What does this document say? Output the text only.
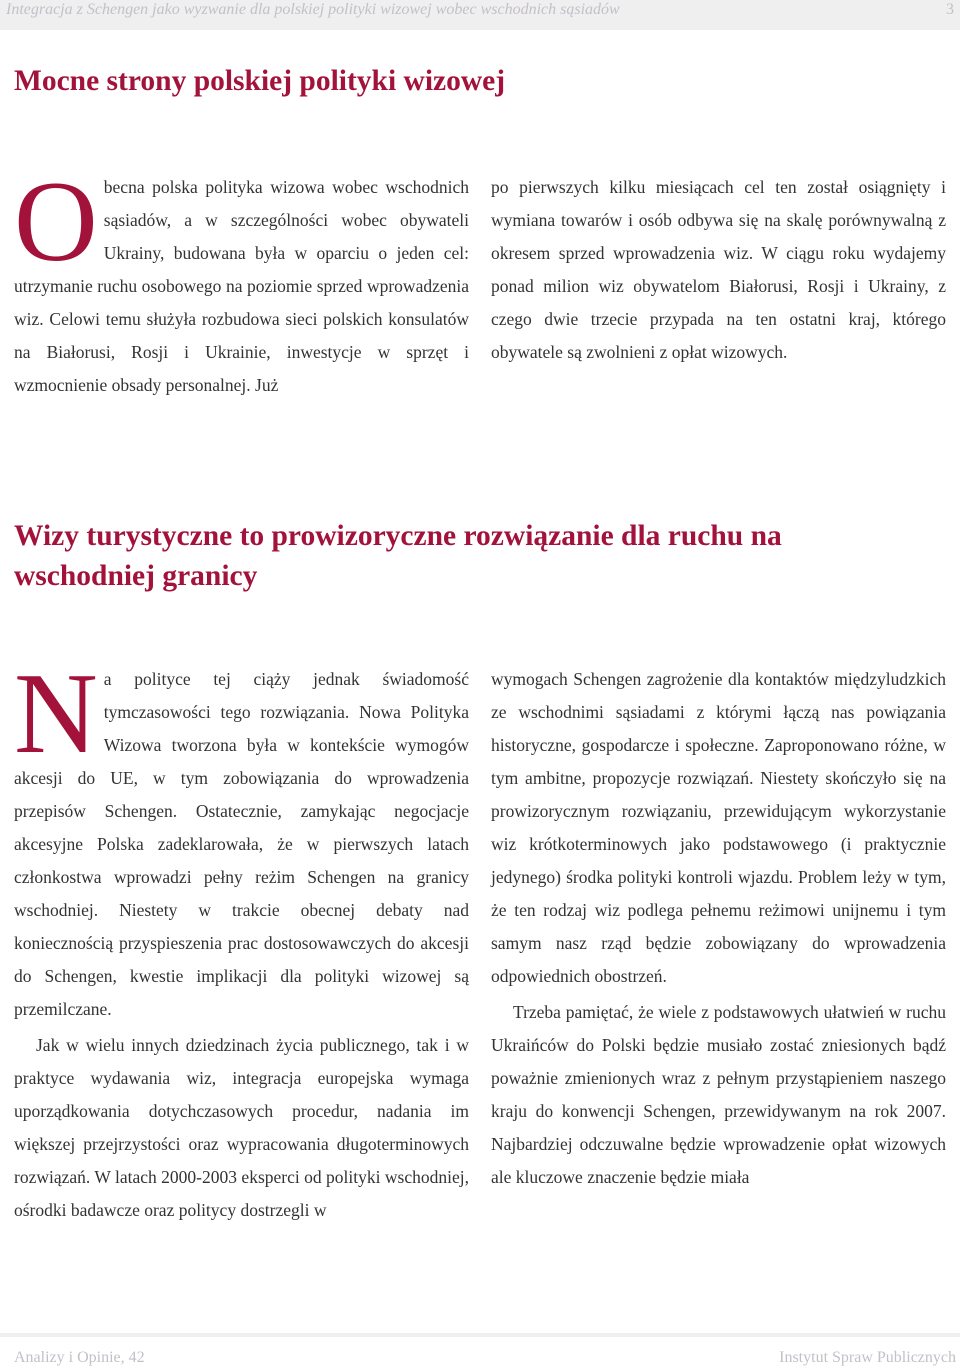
Integracja z Schengen jako wyzwanie dla polskiej polityki wizowej wobec wschodnich sąsiadów	3
Mocne strony polskiej polityki wizowej

Obecna polska polityka wizowa wobec wschodnich sąsiadów, a w szczególności wobec obywateli Ukrainy, budowana była w oparciu o jeden cel: utrzymanie ruchu osobowego na poziomie sprzed wprowadzenia wiz. Celowi temu służyła rozbudowa sieci polskich konsulatów na Białorusi, Rosji i Ukrainie, inwestycje w sprzęt i wzmocnienie obsady personalnej. Już

po pierwszych kilku miesiącach cel ten został osiągnięty i wymiana towarów i osób odbywa się na skalę porównywalną z okresem sprzed wprowadzenia wiz. W ciągu roku wydajemy ponad milion wiz obywatelom Białorusi, Rosji i Ukrainy, z czego dwie trzecie przypada na ten ostatni kraj, którego obywatele są zwolnieni z opłat wizowych.

Wizy turystyczne to prowizoryczne rozwiązanie dla ruchu na wschodniej granicy

Na polityce tej ciąży jednak świadomość tymczasowości tego rozwiązania. Nowa Polityka Wizowa tworzona była w kontekście wymogów akcesji do UE, w tym zobowiązania do wprowadzenia przepisów Schengen. Ostatecznie, zamykając negocjacje akcesyjne Polska zadeklarowała, że w pierwszych latach członkostwa wprowadzi pełny reżim Schengen na granicy wschodniej. Niestety w trakcie obecnej debaty nad koniecznością przyspieszenia prac dostosowawczych do akcesji do Schengen, kwestie implikacji dla polityki wizowej są przemilczane.

Jak w wielu innych dziedzinach życia publicznego, tak i w praktyce wydawania wiz, integracja europejska wymaga uporządkowania dotychczasowych procedur, nadania im większej przejrzystości oraz wypracowania długoterminowych rozwiązań. W latach 2000-2003 eksperci od polityki wschodniej, ośrodki badawcze oraz politycy dostrzegli w

wymogach Schengen zagrożenie dla kontaktów międzyludzkich ze wschodnimi sąsiadami z którymi łączą nas powiązania historyczne, gospodarcze i społeczne. Zaproponowano różne, w tym ambitne, propozycje rozwiązań. Niestety skończyło się na prowizorycznym rozwiązaniu, przewidującym wykorzystanie wiz krótkoterminowych jako podstawowego (i praktycznie jedynego) środka polityki kontroli wjazdu. Problem leży w tym, że ten rodzaj wiz podlega pełnemu reżimowi unijnemu i tym samym nasz rząd będzie zobowiązany do wprowadzenia odpowiednich obostrzeń.

Trzeba pamiętać, że wiele z podstawowych ułatwień w ruchu Ukraińców do Polski będzie musiało zostać zniesionych bądź poważnie zmienionych wraz z pełnym przystąpieniem naszego kraju do konwencji Schengen, przewidywanym na rok 2007. Najbardziej odczuwalne będzie wprowadzenie opłat wizowych ale kluczowe znaczenie będzie miała

Analizy i Opinie, 42	Instytut Spraw Publicznych
